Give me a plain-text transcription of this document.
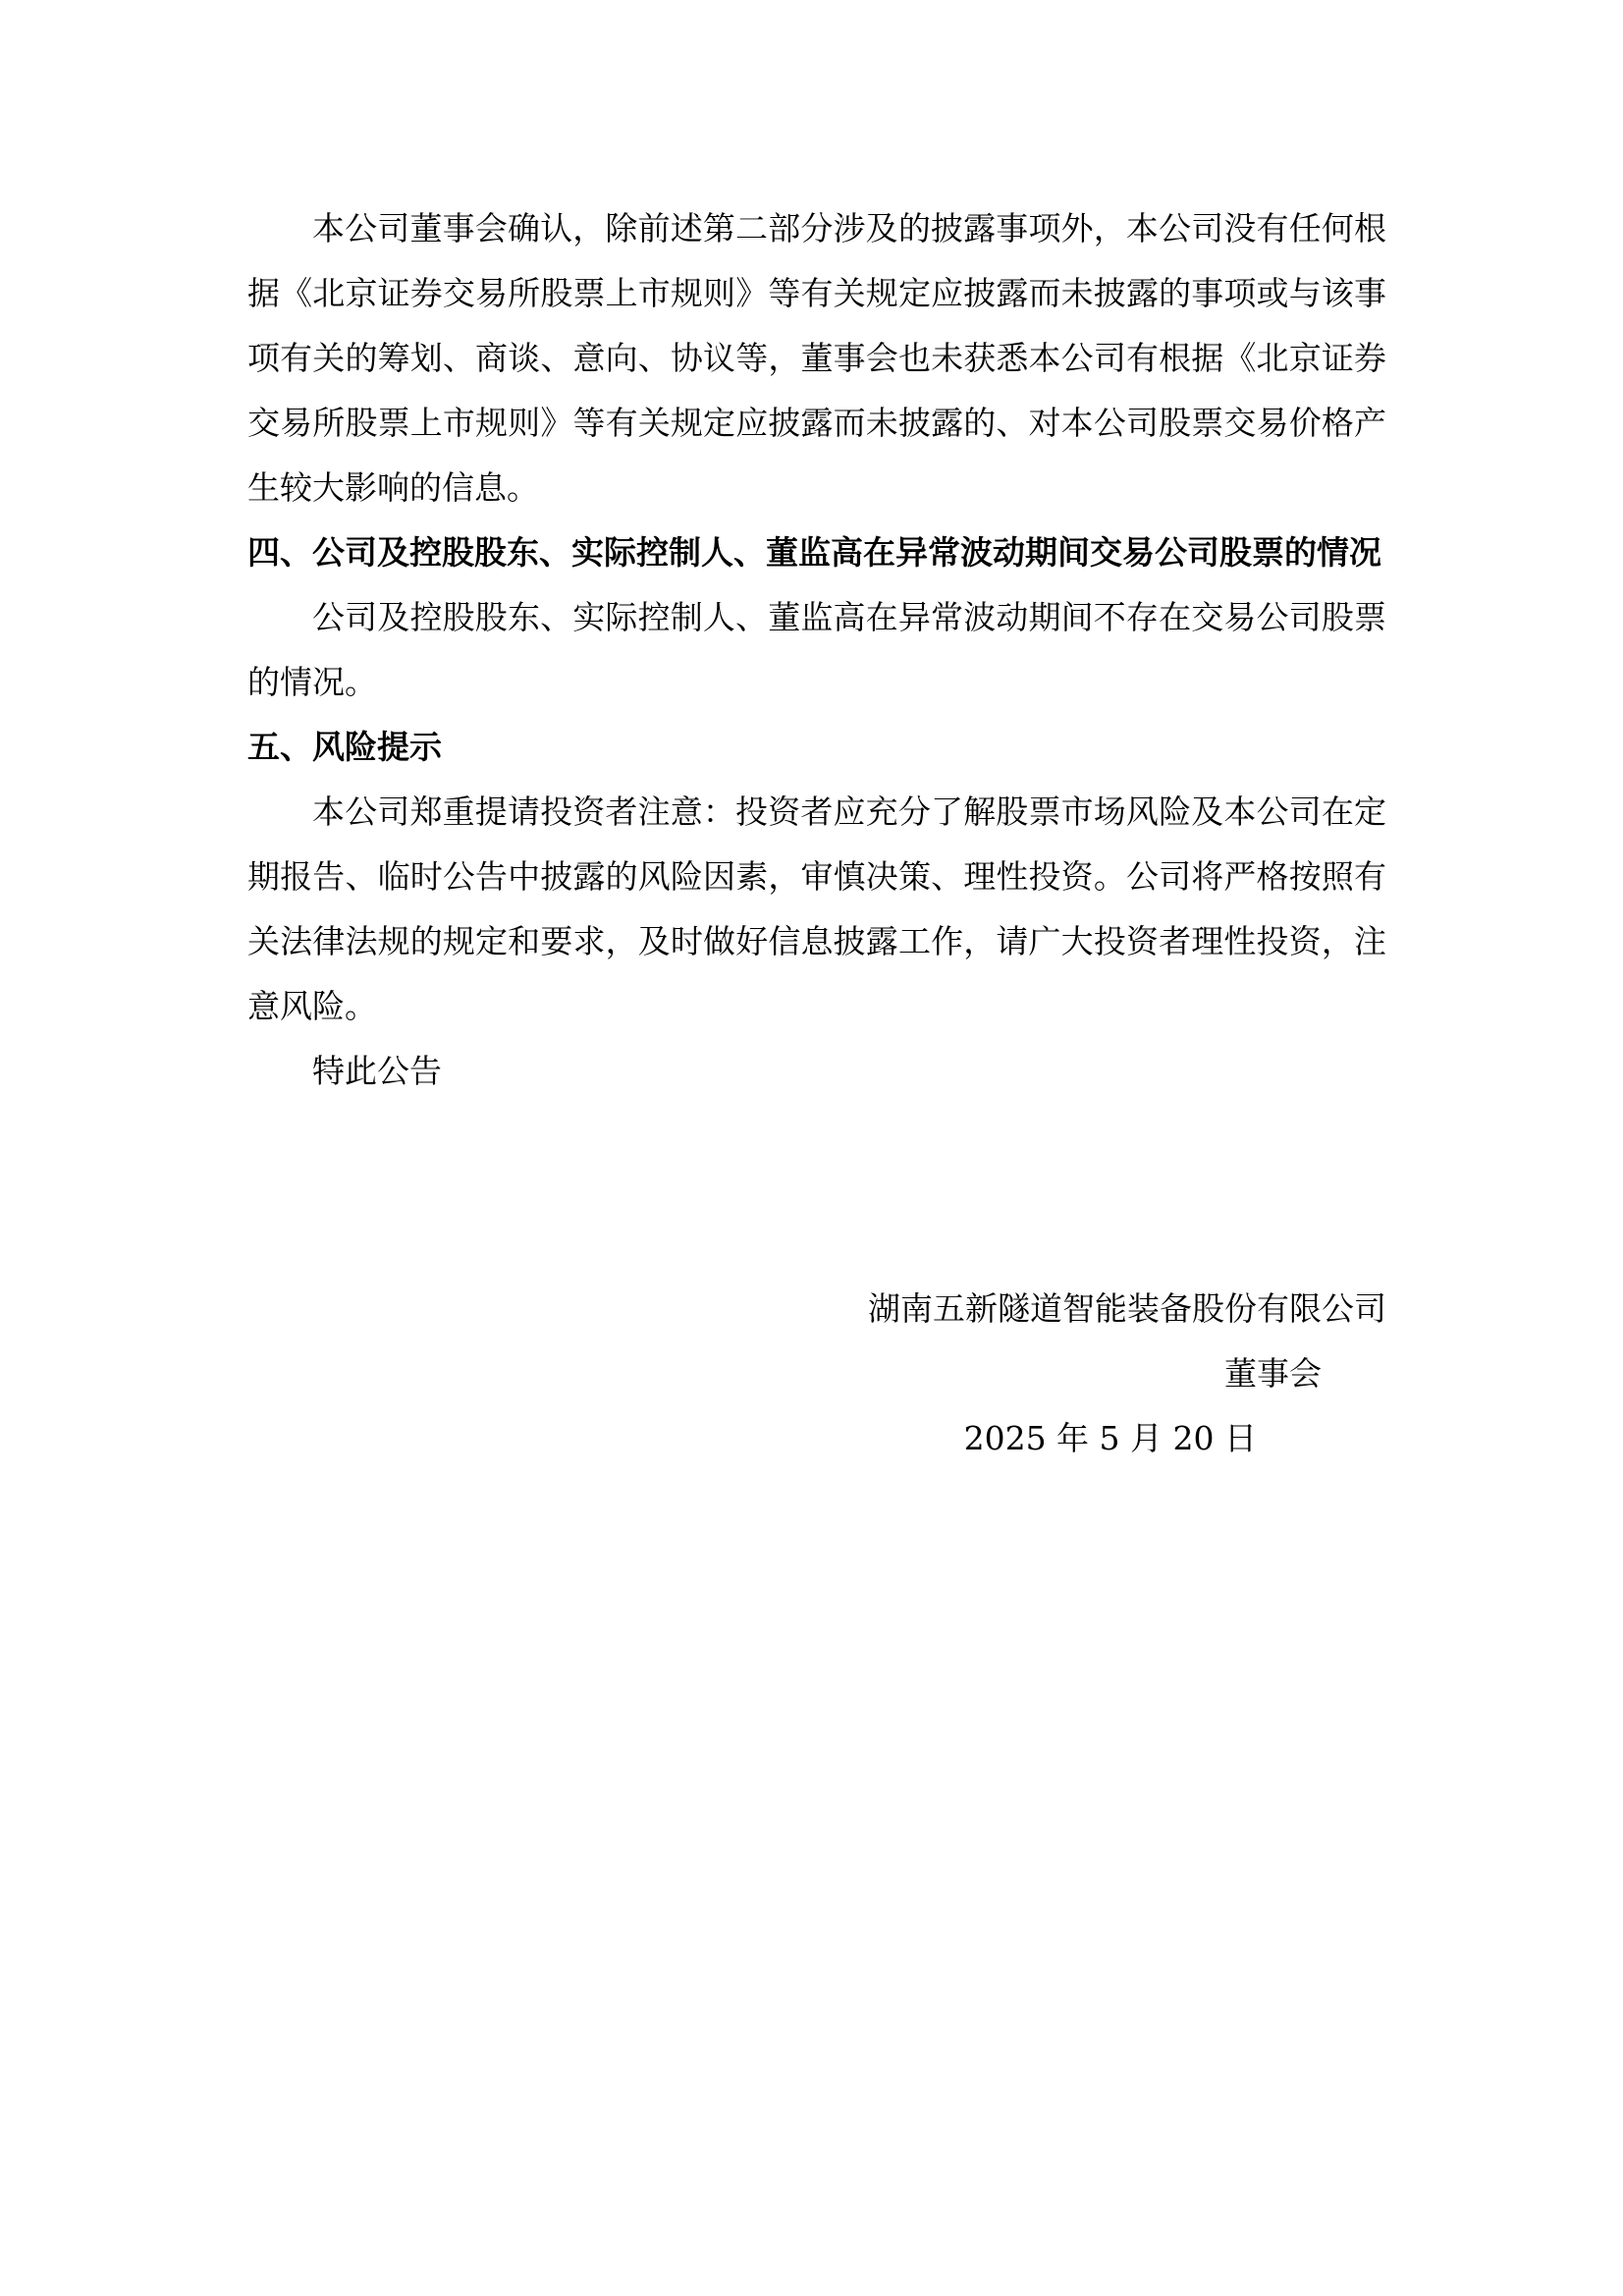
本公司董事会确认，除前述第二部分涉及的披露事项外，本公司没有任何根据《北京证券交易所股票上市规则》等有关规定应披露而未披露的事项或与该事项有关的筹划、商谈、意向、协议等，董事会也未获悉本公司有根据《北京证券交易所股票上市规则》等有关规定应披露而未披露的、对本公司股票交易价格产生较大影响的信息。

四、公司及控股股东、实际控制人、董监高在异常波动期间交易公司股票的情况

公司及控股股东、实际控制人、董监高在异常波动期间不存在交易公司股票的情况。

五、风险提示

本公司郑重提请投资者注意：投资者应充分了解股票市场风险及本公司在定期报告、临时公告中披露的风险因素，审慎决策、理性投资。公司将严格按照有关法律法规的规定和要求，及时做好信息披露工作，请广大投资者理性投资，注意风险。

特此公告

湖南五新隧道智能装备股份有限公司
董事会
2025 年 5 月 20 日
